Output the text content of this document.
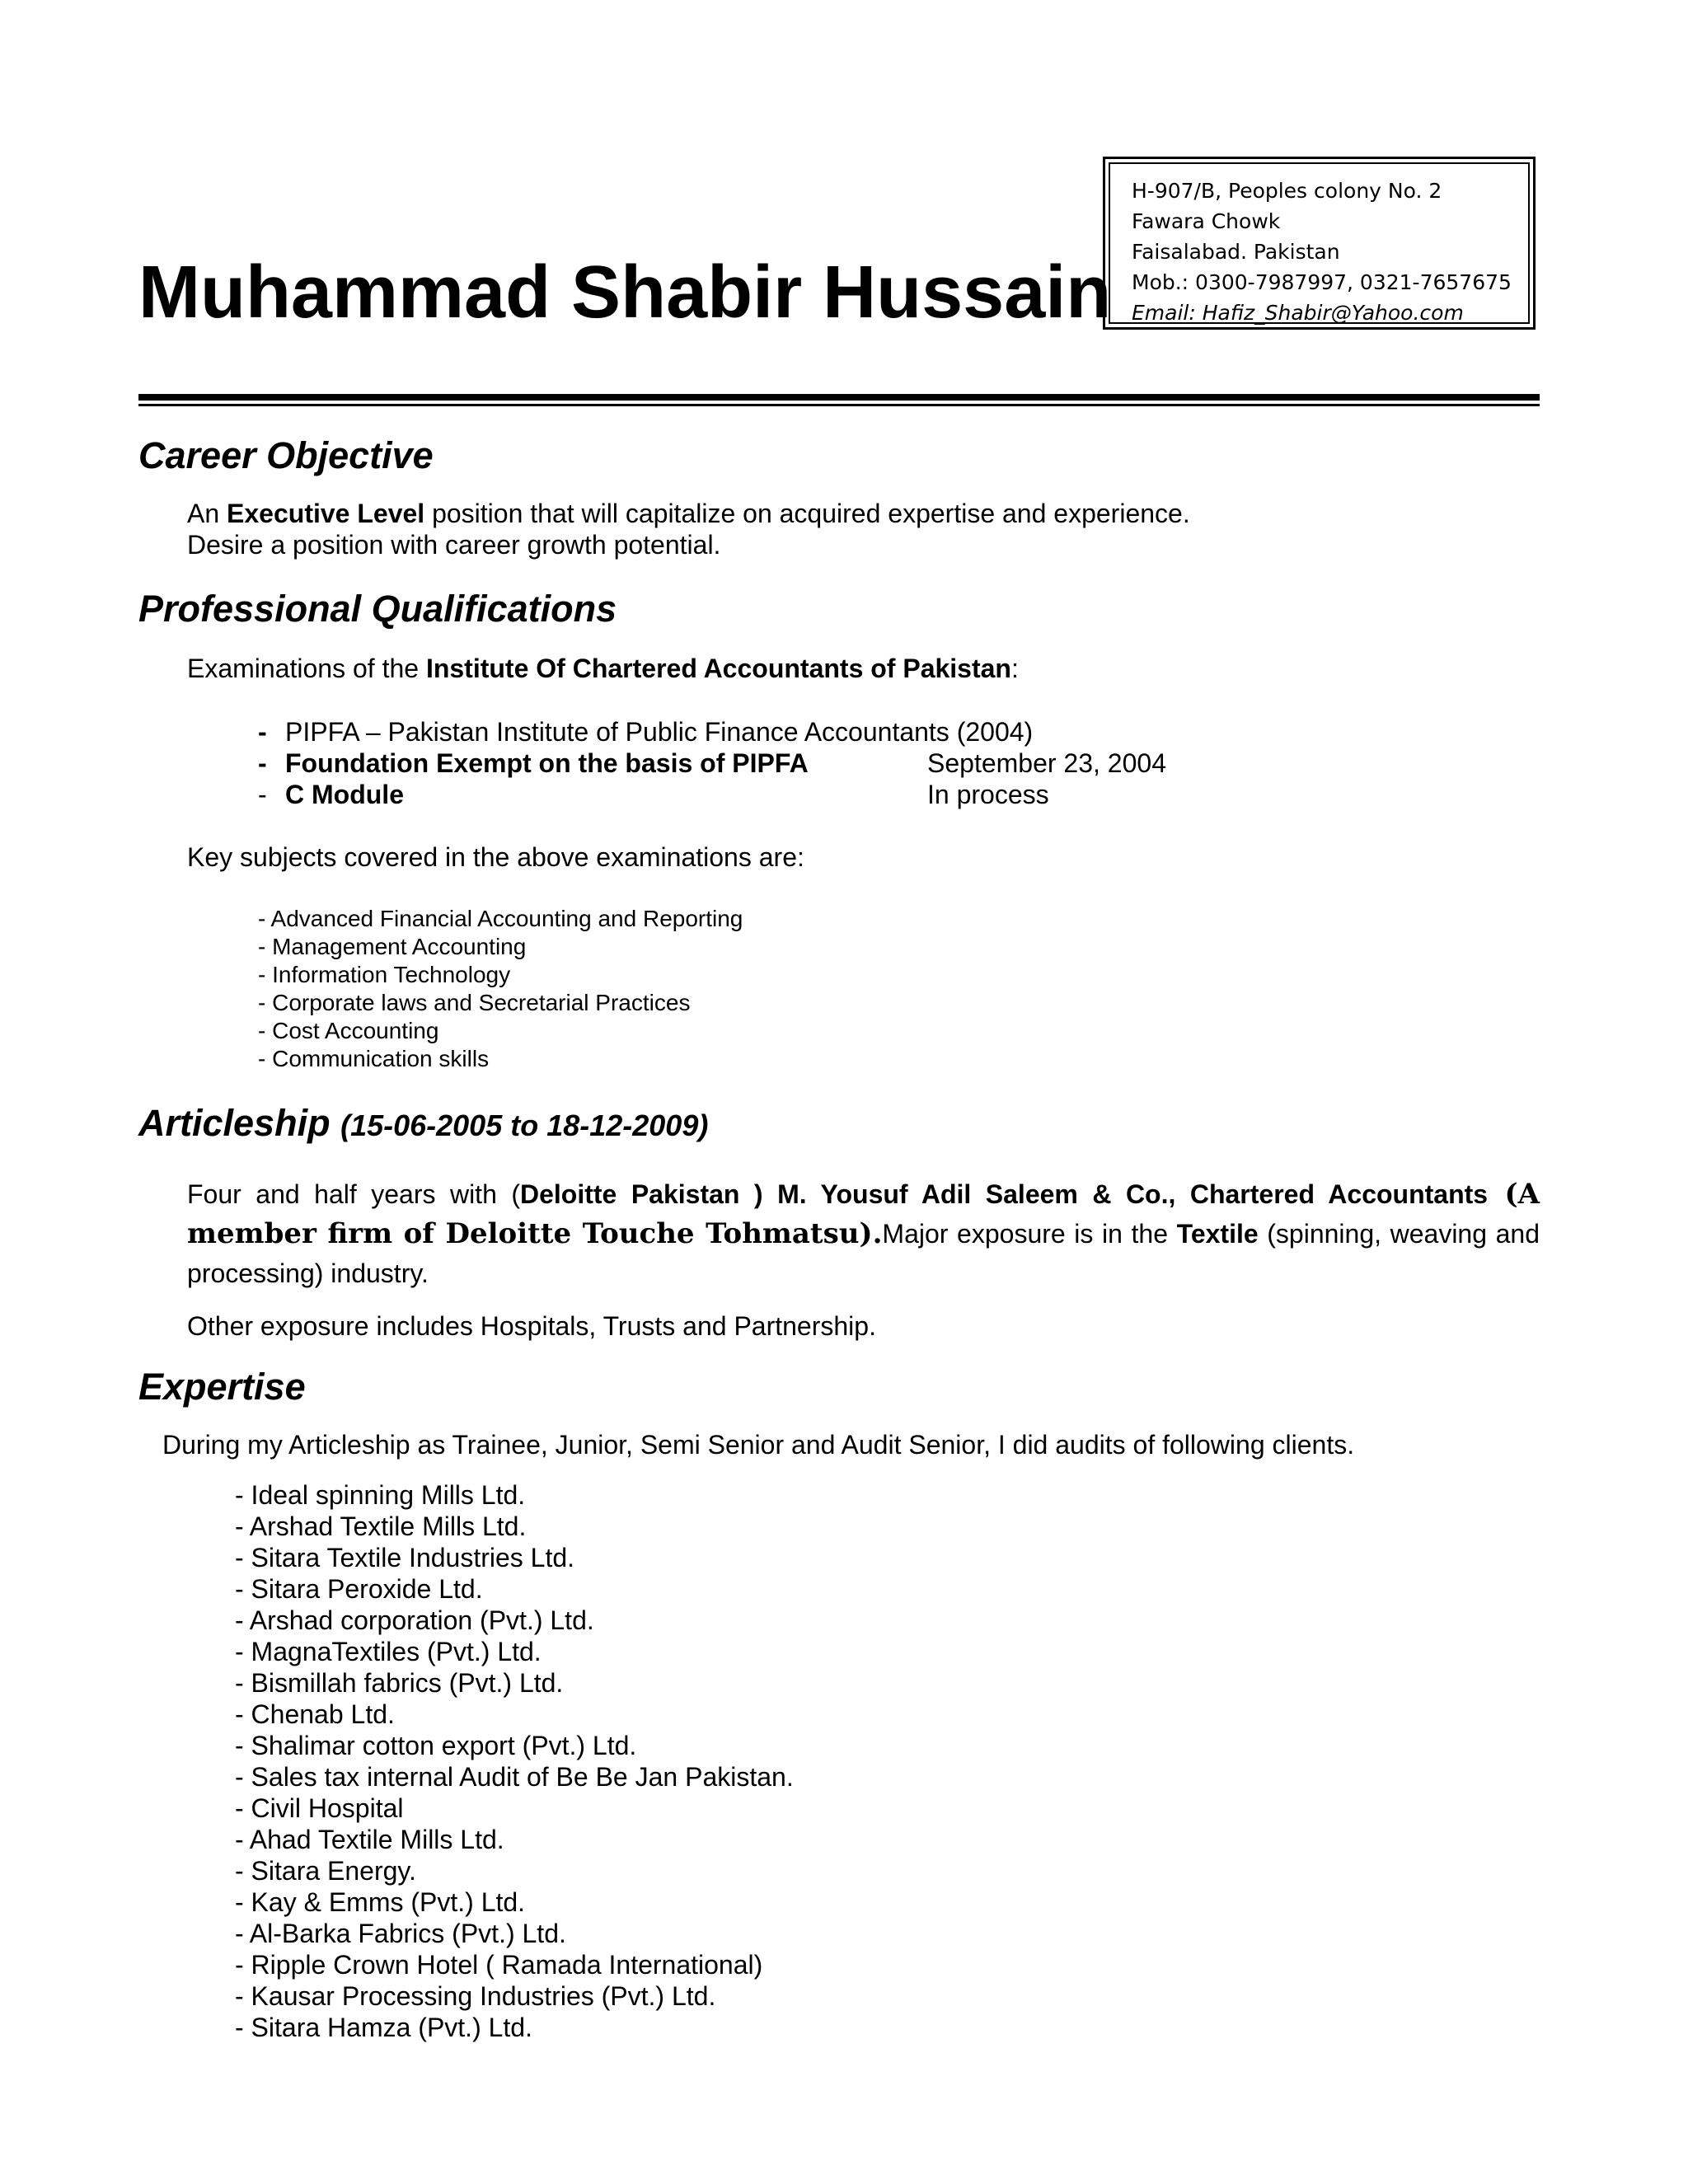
Muhammad Shabir Hussain
H-907/B, Peoples colony No. 2
Fawara Chowk
Faisalabad. Pakistan
Mob.: 0300-7987997, 0321-7657675
Email: Hafiz_Shabir@Yahoo.com
Career Objective
An Executive Level position that will capitalize on acquired expertise and experience.
Desire a position with career growth potential.
Professional Qualifications
Examinations of the Institute Of Chartered Accountants of Pakistan:
- PIPFA – Pakistan Institute of Public Finance Accountants (2004)
- Foundation Exempt on the basis of PIPFA	September 23, 2004
- C Module	In process
Key subjects covered in the above examinations are:
- Advanced Financial Accounting and Reporting
- Management Accounting
- Information Technology
- Corporate laws and Secretarial Practices
- Cost Accounting
- Communication skills
Articleship (15-06-2005 to 18-12-2009)
Four and half years with (Deloitte Pakistan ) M. Yousuf Adil Saleem & Co., Chartered Accountants (A member firm of Deloitte Touche Tohmatsu).Major exposure is in the Textile (spinning, weaving and processing) industry.
Other exposure includes Hospitals, Trusts and Partnership.
Expertise
During my Articleship as Trainee, Junior, Semi Senior and Audit Senior, I did audits of following clients.
- Ideal spinning Mills Ltd.
- Arshad Textile Mills Ltd.
- Sitara Textile Industries Ltd.
- Sitara Peroxide Ltd.
- Arshad corporation (Pvt.) Ltd.
- MagnaTextiles (Pvt.) Ltd.
- Bismillah fabrics (Pvt.) Ltd.
- Chenab Ltd.
- Shalimar cotton export (Pvt.) Ltd.
- Sales tax internal Audit of Be Be Jan Pakistan.
- Civil Hospital
- Ahad Textile Mills Ltd.
- Sitara Energy.
- Kay & Emms (Pvt.) Ltd.
- Al-Barka Fabrics (Pvt.) Ltd.
- Ripple Crown Hotel ( Ramada International)
- Kausar Processing Industries (Pvt.) Ltd.
- Sitara Hamza (Pvt.) Ltd.
